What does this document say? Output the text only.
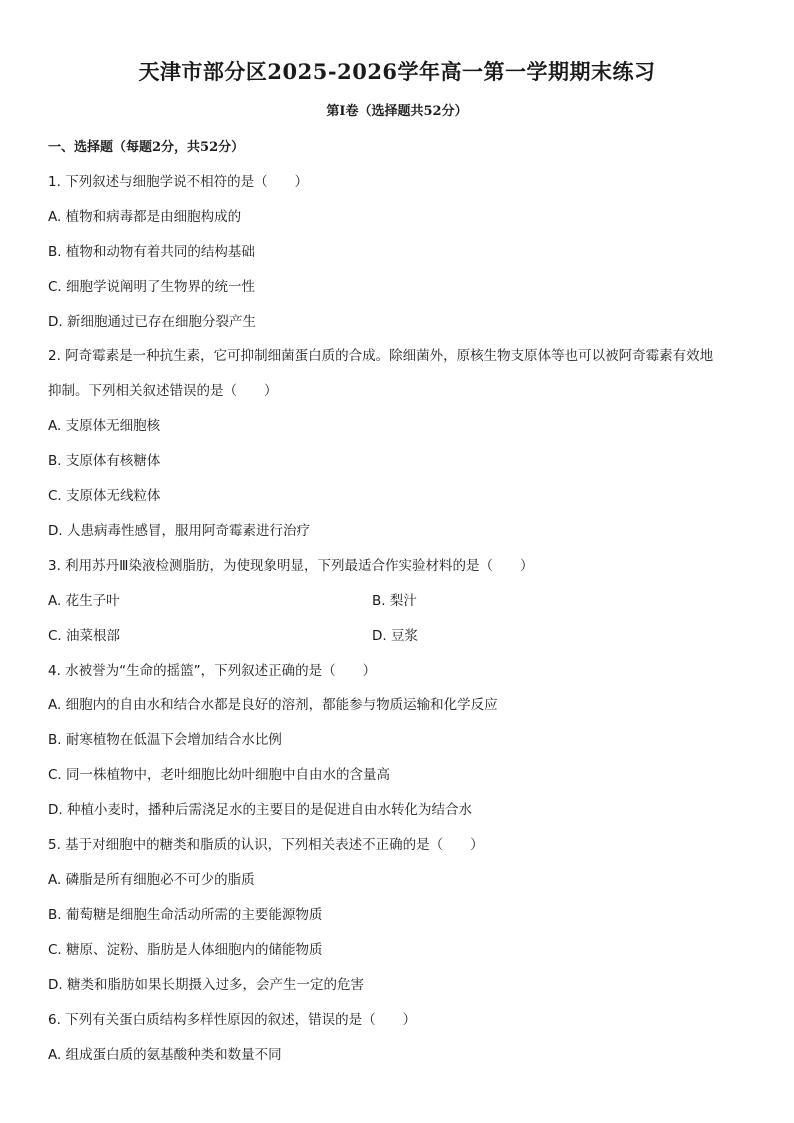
天津市部分区2025-2026学年高一第一学期期末练习
第I卷（选择题共52分）
一、选择题（每题2分，共52分）
1. 下列叙述与细胞学说不相符的是（　　）
A. 植物和病毒都是由细胞构成的
B. 植物和动物有着共同的结构基础
C. 细胞学说阐明了生物界的统一性
D. 新细胞通过已存在细胞分裂产生
2. 阿奇霉素是一种抗生素，它可抑制细菌蛋白质的合成。除细菌外，原核生物支原体等也可以被阿奇霉素有效地
抑制。下列相关叙述错误的是（　　）
A. 支原体无细胞核
B. 支原体有核糖体
C. 支原体无线粒体
D. 人患病毒性感冒，服用阿奇霉素进行治疗
3. 利用苏丹Ⅲ染液检测脂肪，为使现象明显，下列最适合作实验材料的是（　　）
A. 花生子叶	B. 梨汁
C. 油菜根部	D. 豆浆
4. 水被誉为“生命的摇篮”，下列叙述正确的是（　　）
A. 细胞内的自由水和结合水都是良好的溶剂，都能参与物质运输和化学反应
B. 耐寒植物在低温下会增加结合水比例
C. 同一株植物中，老叶细胞比幼叶细胞中自由水的含量高
D. 种植小麦时，播种后需浇足水的主要目的是促进自由水转化为结合水
5. 基于对细胞中的糖类和脂质的认识，下列相关表述不正确的是（　　）
A. 磷脂是所有细胞必不可少的脂质
B. 葡萄糖是细胞生命活动所需的主要能源物质
C. 糖原、淀粉、脂肪是人体细胞内的储能物质
D. 糖类和脂肪如果长期摄入过多，会产生一定的危害
6. 下列有关蛋白质结构多样性原因的叙述，错误的是（　　）
A. 组成蛋白质的氨基酸种类和数量不同
